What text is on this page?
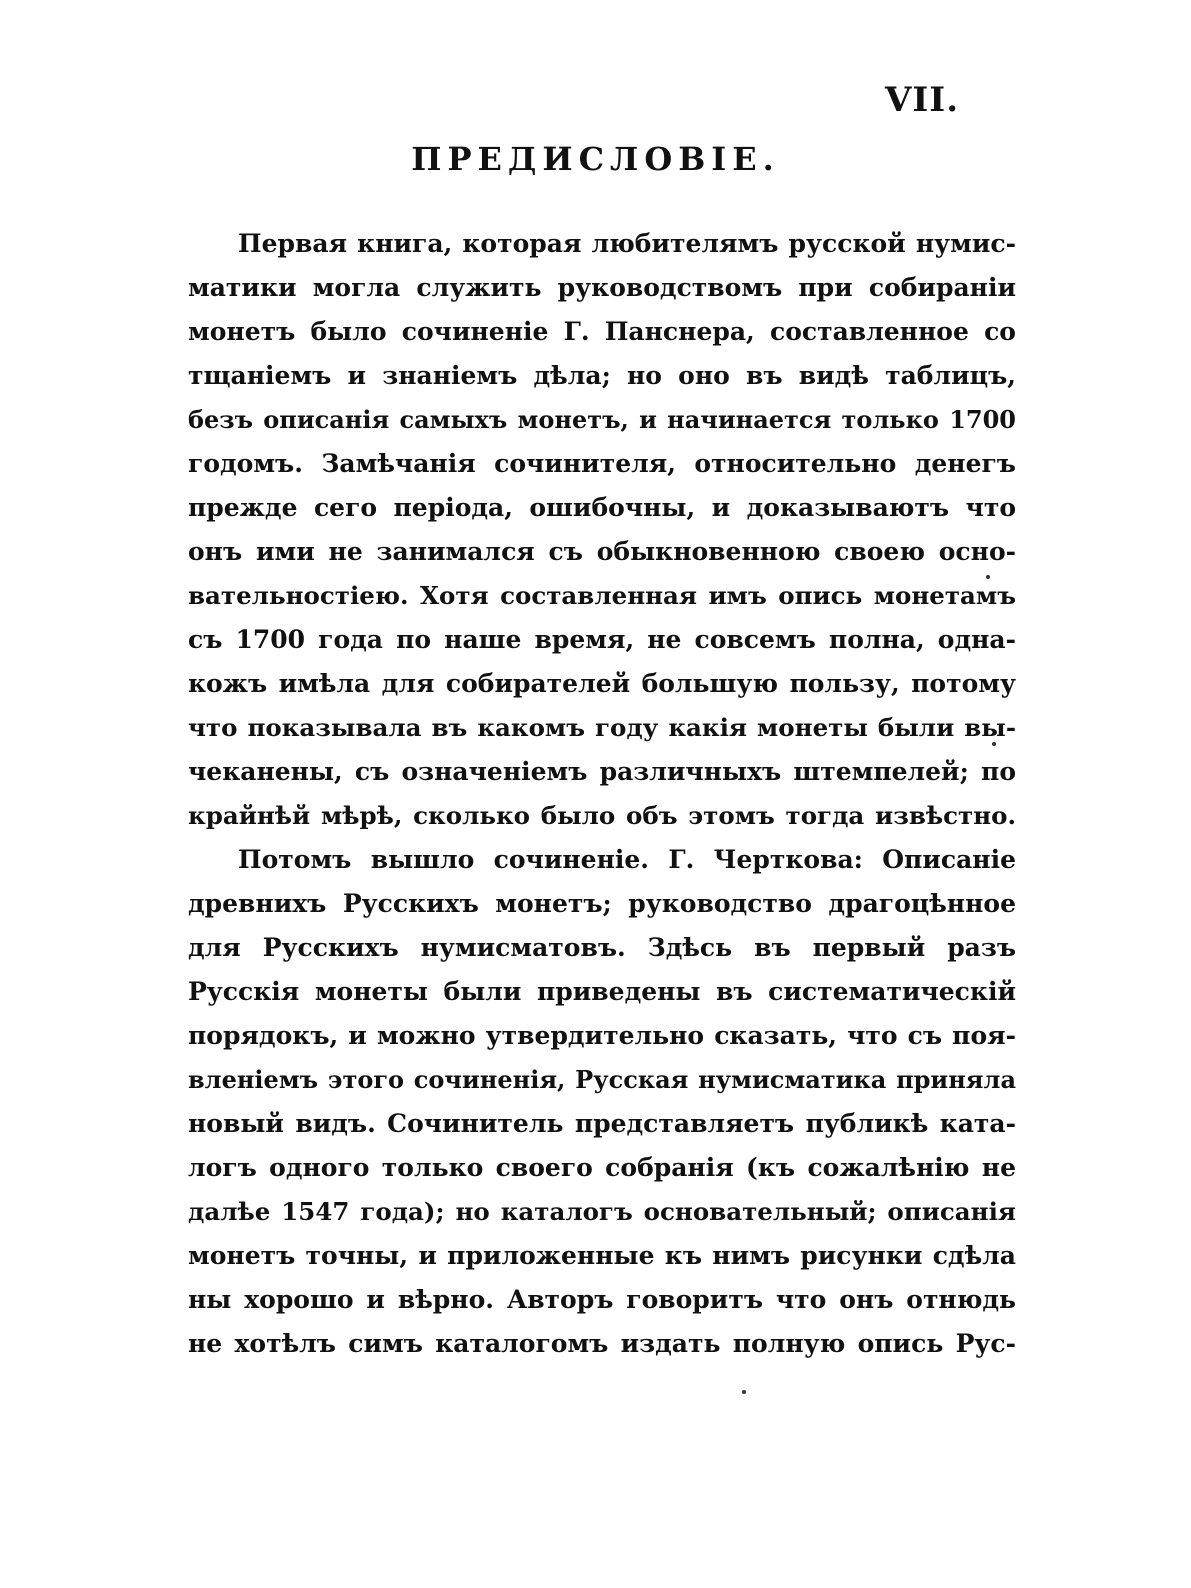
VII.
ПРЕДИСЛОВІЕ.
Первая книга, которая любителямъ русской нумис-
матики могла служить руководствомъ при собираніи
монетъ было сочиненіе Г. Панснера, составленное со
тщаніемъ и знаніемъ дѣла; но оно въ видѣ таблицъ,
безъ описанія самыхъ монетъ, и начинается только 1700
годомъ. Замѣчанія сочинителя, относительно денегъ
прежде сего періода, ошибочны, и доказываютъ что
онъ ими не занимался съ обыкновенною своею осно-
вательностіею. Хотя составленная имъ опись монетамъ
съ 1700 года по наше время, не совсемъ полна, одна-
кожъ имѣла для собирателей большую пользу, потому
что показывала въ какомъ году какія монеты были вы-
чеканены, съ означеніемъ различныхъ штемпелей; по
крайнѣй мѣрѣ, сколько было объ этомъ тогда извѣстно.
Потомъ вышло сочиненіе. Г. Черткова: Описаніе
древнихъ Русскихъ монетъ; руководство драгоцѣнное
для Русскихъ нумисматовъ. Здѣсь въ первый разъ
Русскія монеты были приведены въ систематическій
порядокъ, и можно утвердительно сказать, что съ поя-
вленіемъ этого сочиненія, Русская нумисматика приняла
новый видъ. Сочинитель представляетъ публикѣ ката-
логъ одного только своего собранія (къ сожалѣнію не
далѣе 1547 года); но каталогъ основательный; описанія
монетъ точны, и приложенные къ нимъ рисунки сдѣла
ны хорошо и вѣрно. Авторъ говоритъ что онъ отнюдь
не хотѣлъ симъ каталогомъ издать полную опись Рус-
